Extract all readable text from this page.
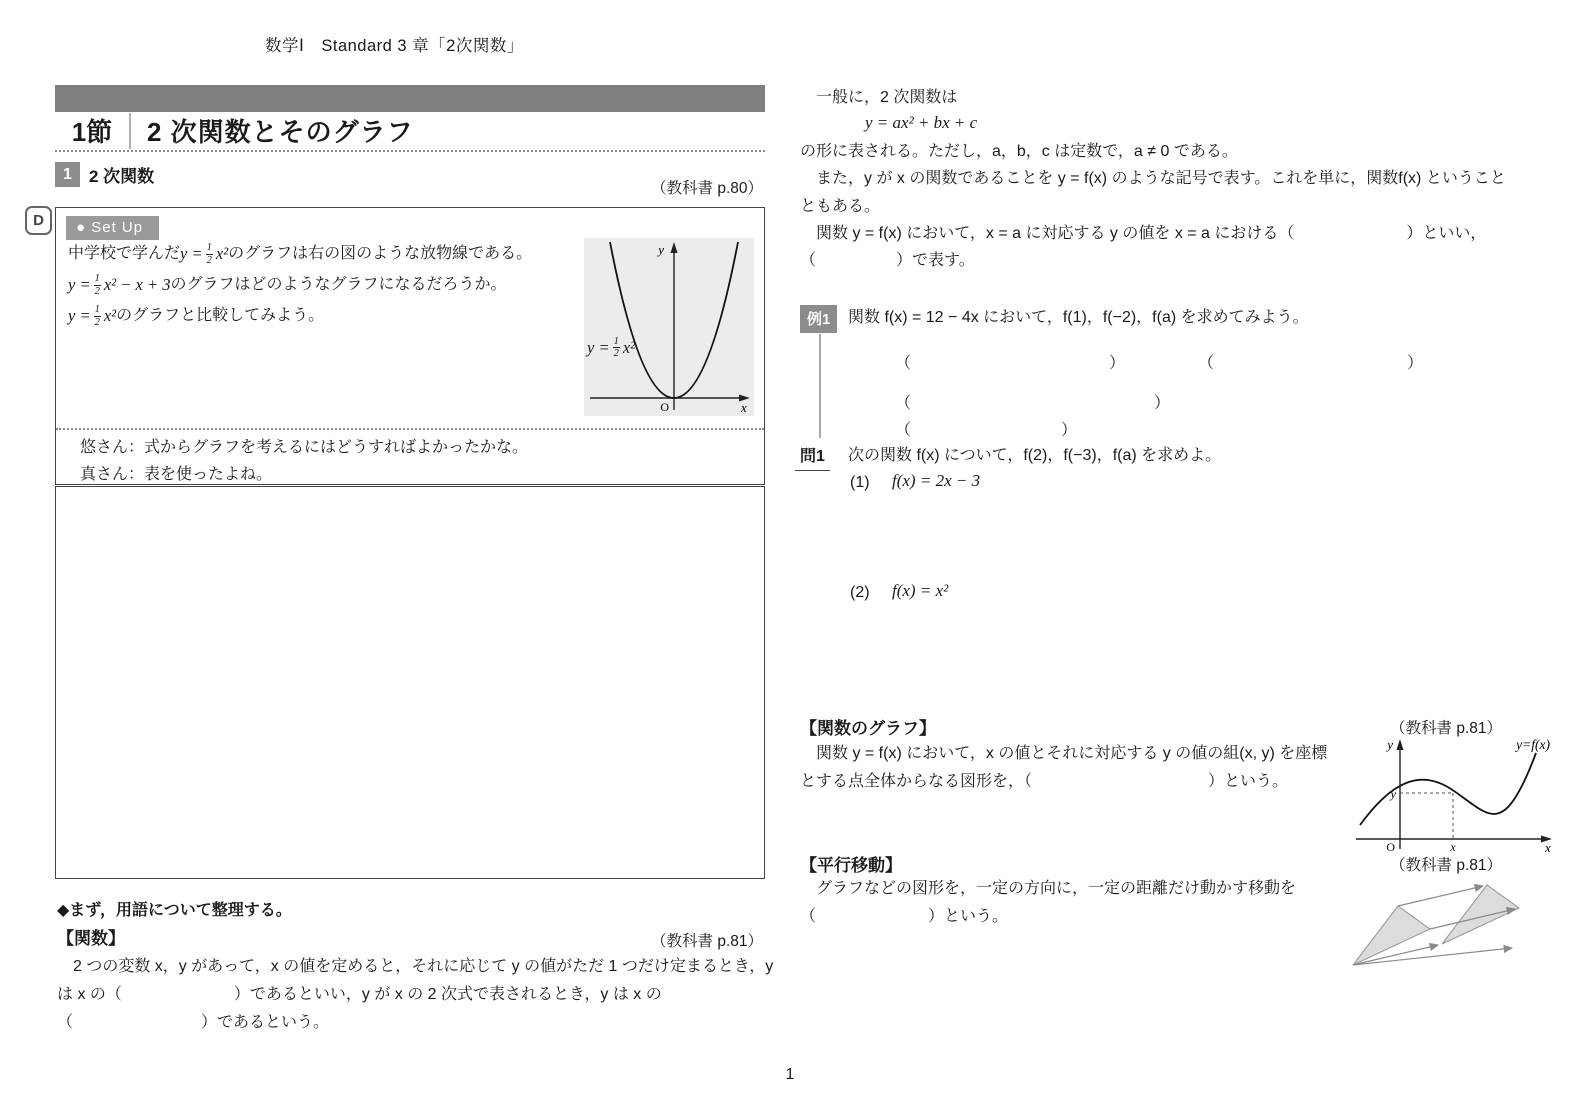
数学Ⅰ　Standard 3 章「2次関数」
1節	2 次関数とそのグラフ
1	2 次関数
（教科書 p.80）
D	● Set Up
中学校で学んだ $y = \frac{1}{2} x^2$ のグラフは右の図のような放物線である。
$y = \frac{1}{2} x^2 - x + 3$ のグラフはどのようなグラフになるだろうか。
$y = \frac{1}{2} x^2$ のグラフと比較してみよう。
y
x
O
$y = \frac{1}{2} x^2$
悠さん：式からグラフを考えるにはどうすればよかったかな。
真さん：表を使ったよね。
◆まず，用語について整理する。
【関数】	（教科書 p.81）
　2 つの変数 x，y があって，x の値を定めると，それに応じて y の値がただ 1 つだけ定まるとき，y
は x の（　　　　　　　）であるといい，y が x の 2 次式で表されるとき，y は x の
（　　　　　　　　）であるという。
　一般に，2 次関数は
y = ax² + bx + c
の形に表される。ただし，a，b，c は定数で，a ≠ 0 である。
　また，y が x の関数であることを y = f(x) のような記号で表す。これを単に，関数f(x) ということ
ともある。
　関数 y = f(x) において，x = a に対応する y の値を x = a における（　　　　　　　）といい，
（　　　　　）で表す。
例1	関数 f(x) = 12 − 4x において，f(1)，f(−2)，f(a) を求めてみよう。
（	）	（	）
（	）
（	）
問1	次の関数 f(x) について，f(2)，f(−3)，f(a) を求めよ。
(1) f(x) = 2x − 3
(2) f(x) = x²
【関数のグラフ】	（教科書 p.81）
　関数 y = f(x) において，x の値とそれに対応する y の値の組(x, y) を座標
とする点全体からなる図形を，（　　　　　　　　　　　）という。
y
x
O
y
x
y=f(x)
【平行移動】	（教科書 p.81）
　グラフなどの図形を，一定の方向に，一定の距離だけ動かす移動を
（　　　　　　　）という。
1
